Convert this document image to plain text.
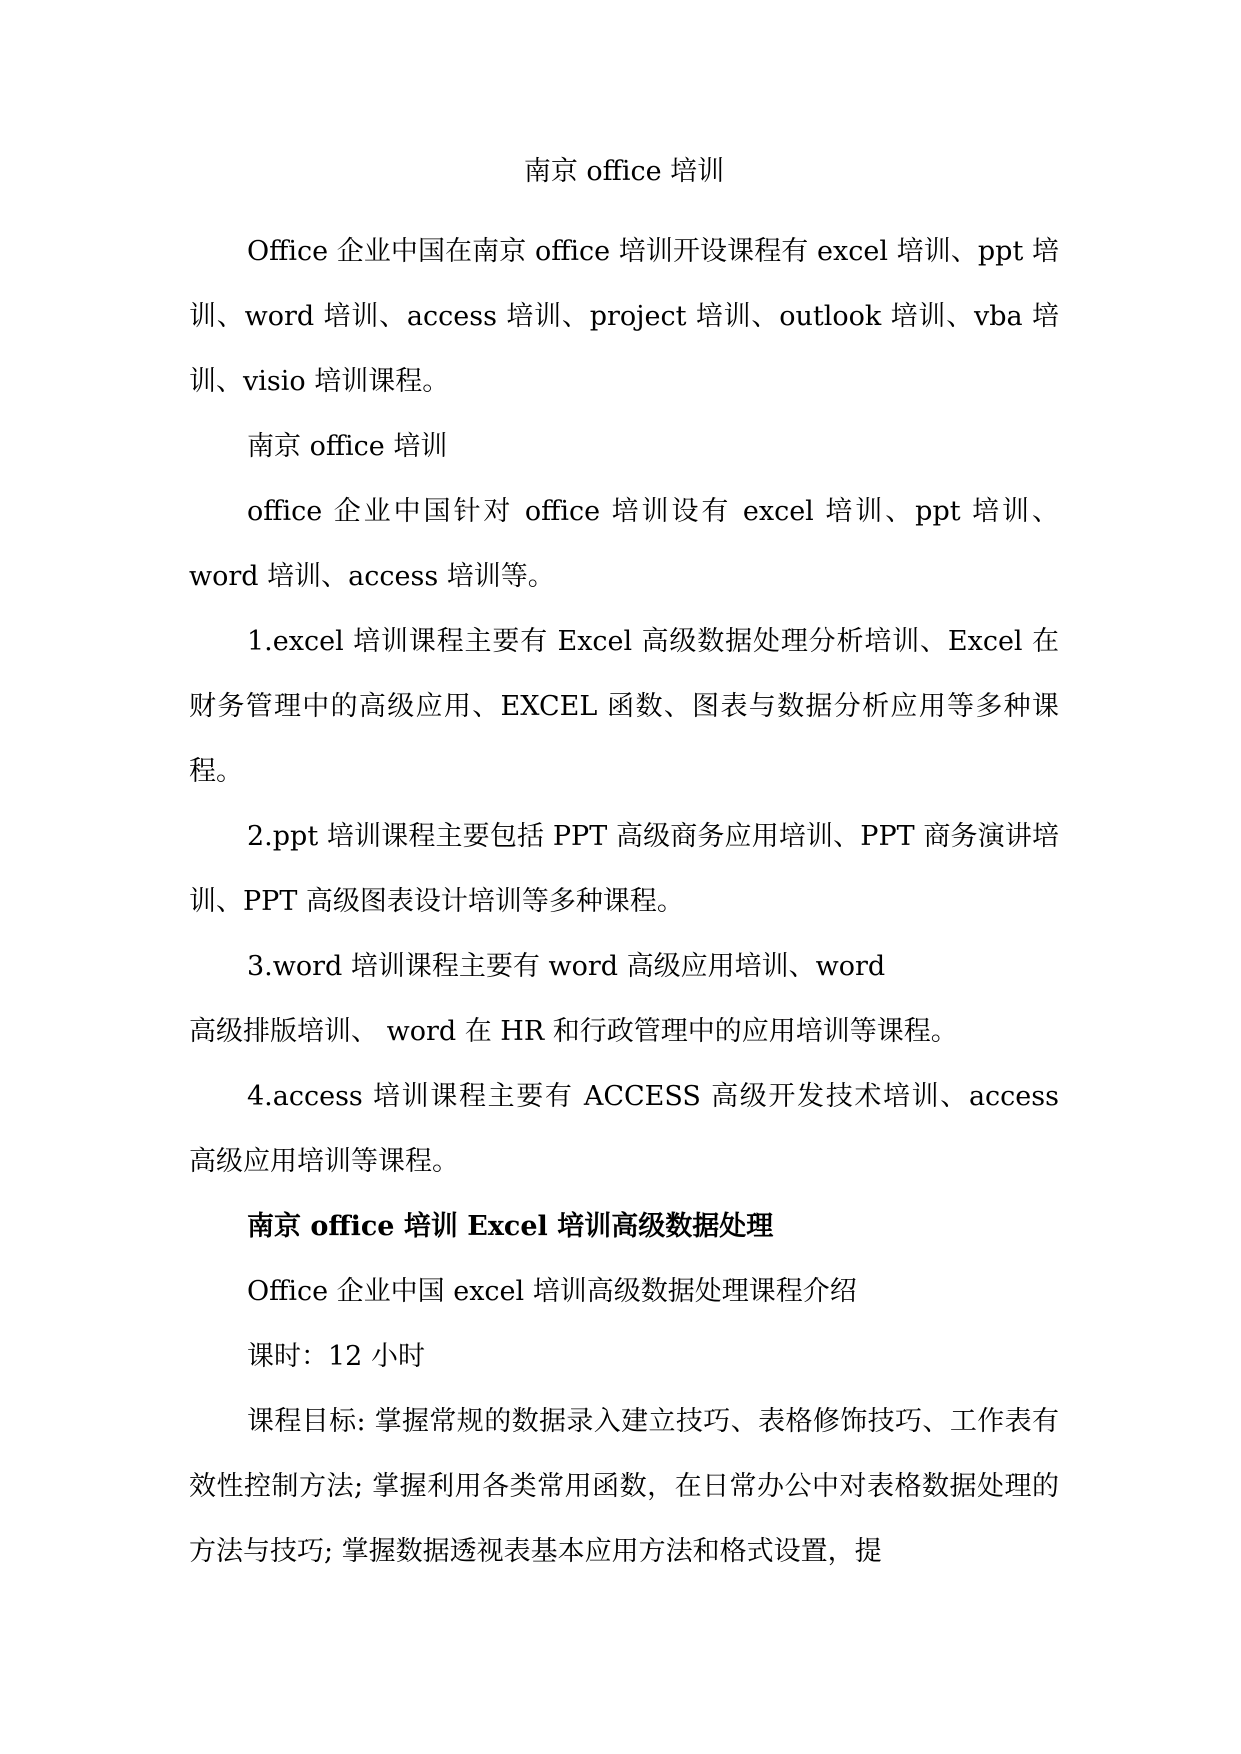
南京 office 培训

Office 企业中国在南京 office 培训开设课程有 excel 培训、ppt 培训、word 培训、access 培训、project 培训、outlook 培训、vba 培训、visio 培训课程。

南京 office 培训

office 企业中国针对 office 培训设有 excel 培训、ppt 培训、word 培训、access 培训等。

1.excel 培训课程主要有 Excel 高级数据处理分析培训、Excel 在财务管理中的高级应用、EXCEL 函数、图表与数据分析应用等多种课程。

2.ppt 培训课程主要包括 PPT 高级商务应用培训、PPT 商务演讲培训、PPT 高级图表设计培训等多种课程。

3.word 培训课程主要有 word 高级应用培训、word
高级排版培训、 word 在 HR 和行政管理中的应用培训等课程。

4.access 培训课程主要有 ACCESS 高级开发技术培训、access 高级应用培训等课程。

南京 office 培训 Excel 培训高级数据处理
Office 企业中国 excel 培训高级数据处理课程介绍
课时：12 小时

课程目标: 掌握常规的数据录入建立技巧、表格修饰技巧、工作表有效性控制方法; 掌握利用各类常用函数，在日常办公中对表格数据处理的方法与技巧; 掌握数据透视表基本应用方法和格式设置，提
